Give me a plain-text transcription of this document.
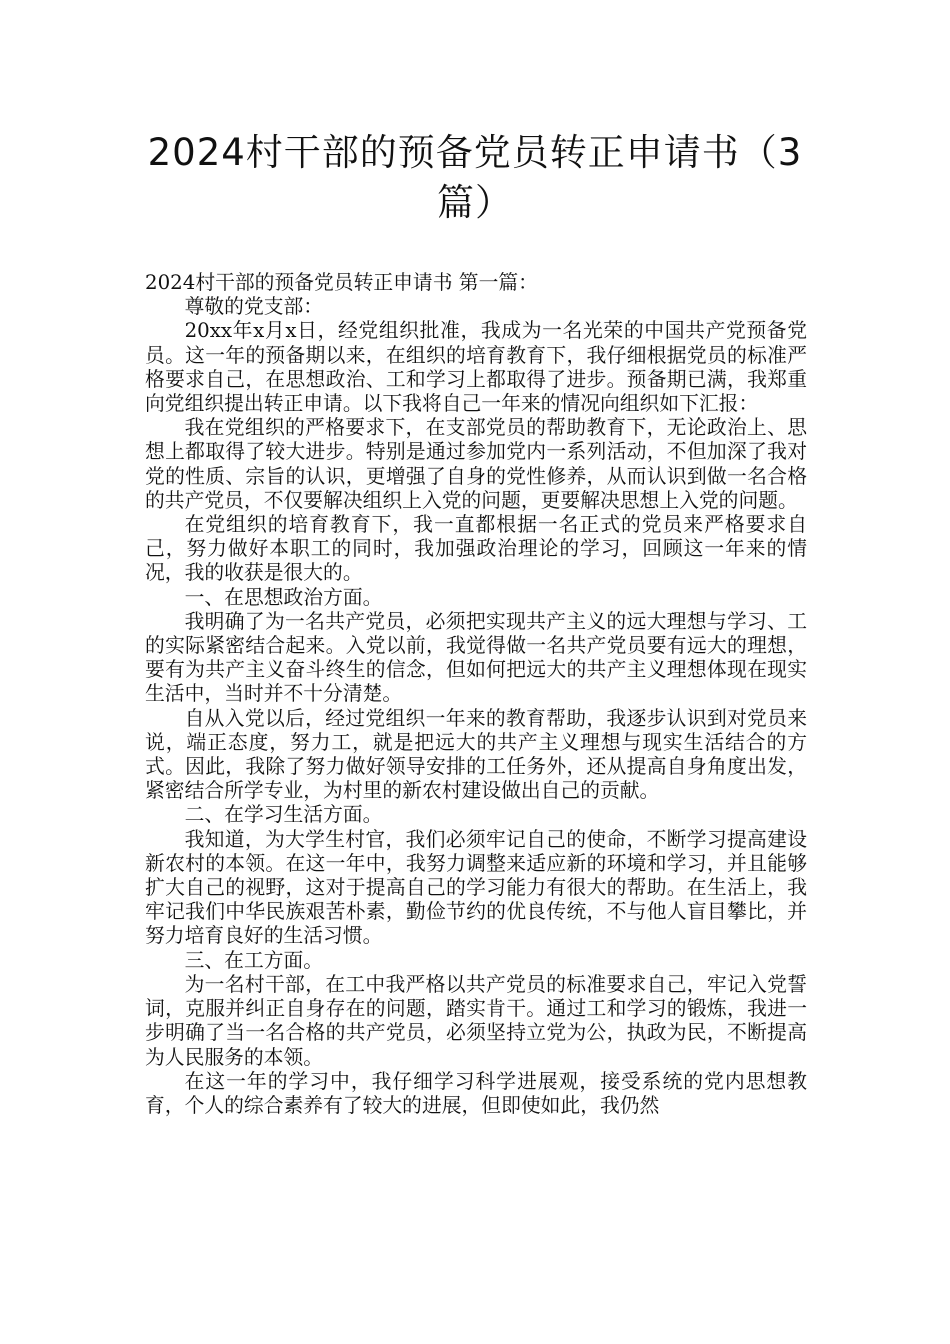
2024村干部的预备党员转正申请书（3篇）

2024村干部的预备党员转正申请书 第一篇：

尊敬的党支部：

20xx年x月x日，经党组织批准，我成为一名光荣的中国共产党预备党员。这一年的预备期以来，在组织的培育教育下，我仔细根据党员的标准严格要求自己，在思想政治、工和学习上都取得了进步。预备期已满，我郑重向党组织提出转正申请。以下我将自己一年来的情况向组织如下汇报：

我在党组织的严格要求下，在支部党员的帮助教育下，无论政治上、思想上都取得了较大进步。特别是通过参加党内一系列活动，不但加深了我对党的性质、宗旨的认识，更增强了自身的党性修养，从而认识到做一名合格的共产党员，不仅要解决组织上入党的问题，更要解决思想上入党的问题。

在党组织的培育教育下，我一直都根据一名正式的党员来严格要求自己，努力做好本职工的同时，我加强政治理论的学习，回顾这一年来的情况，我的收获是很大的。

一、在思想政治方面。

我明确了为一名共产党员，必须把实现共产主义的远大理想与学习、工的实际紧密结合起来。入党以前，我觉得做一名共产党员要有远大的理想，要有为共产主义奋斗终生的信念，但如何把远大的共产主义理想体现在现实生活中，当时并不十分清楚。

自从入党以后，经过党组织一年来的教育帮助，我逐步认识到对党员来说，端正态度，努力工，就是把远大的共产主义理想与现实生活结合的方式。因此，我除了努力做好领导安排的工任务外，还从提高自身角度出发，紧密结合所学专业，为村里的新农村建设做出自己的贡献。

二、在学习生活方面。

我知道，为大学生村官，我们必须牢记自己的使命，不断学习提高建设新农村的本领。在这一年中，我努力调整来适应新的环境和学习，并且能够扩大自己的视野，这对于提高自己的学习能力有很大的帮助。在生活上，我牢记我们中华民族艰苦朴素，勤俭节约的优良传统，不与他人盲目攀比，并努力培育良好的生活习惯。

三、在工方面。

为一名村干部，在工中我严格以共产党员的标准要求自己，牢记入党誓词，克服并纠正自身存在的问题，踏实肯干。通过工和学习的锻炼，我进一步明确了当一名合格的共产党员，必须坚持立党为公，执政为民，不断提高为人民服务的本领。

在这一年的学习中，我仔细学习科学进展观，接受系统的党内思想教育，个人的综合素养有了较大的进展，但即使如此，我仍然
